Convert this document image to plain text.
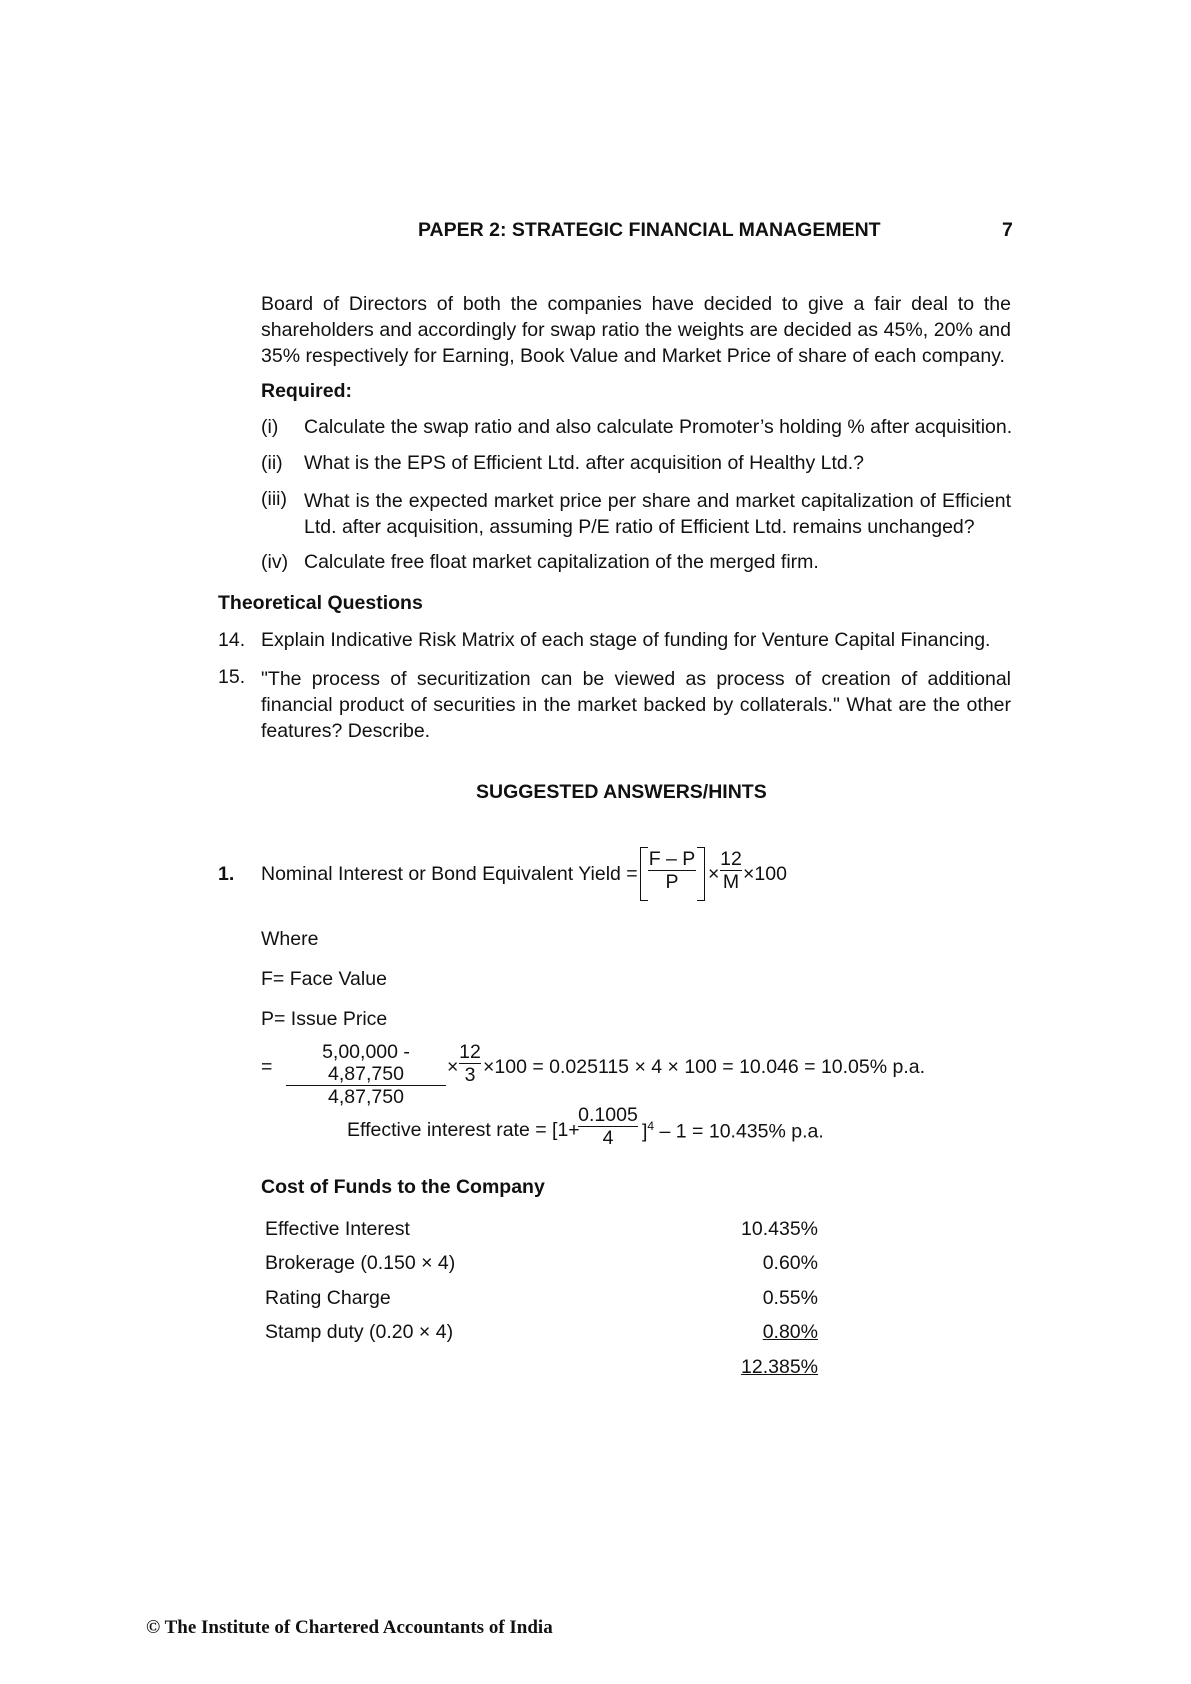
PAPER 2: STRATEGIC FINANCIAL MANAGEMENT	7
Board of Directors of both the companies have decided to give a fair deal to the shareholders and accordingly for swap ratio the weights are decided as 45%, 20% and 35% respectively for Earning, Book Value and Market Price of share of each company.
Required:
(i) Calculate the swap ratio and also calculate Promoter’s holding % after acquisition.
(ii) What is the EPS of Efficient Ltd. after acquisition of Healthy Ltd.?
(iii) What is the expected market price per share and market capitalization of Efficient Ltd. after acquisition, assuming P/E ratio of Efficient Ltd. remains unchanged?
(iv) Calculate free float market capitalization of the merged firm.
Theoretical Questions
14. Explain Indicative Risk Matrix of each stage of funding for Venture Capital Financing.
15. "The process of securitization can be viewed as process of creation of additional financial product of securities in the market backed by collaterals." What are the other features? Describe.
SUGGESTED ANSWERS/HINTS
1. Nominal Interest or Bond Equivalent Yield = $\frac{F - P}{P} \times \frac{12}{M} \times 100$
Where
F= Face Value
P= Issue Price
= $\frac{5,00,000 - 4,87,750}{4,87,750} \times \frac{12}{3} \times 100 = 0.025115 \times 4 \times 100 = 10.046 = 10.05\%$ p.a.
Effective interest rate = [1+
$\frac{0.1005}{4} ]^4 - 1 = 10.435\%$ p.a.
Cost of Funds to the Company
Effective Interest	10.435%
Brokerage (0.150 × 4)	0.60%
Rating Charge	0.55%
Stamp duty (0.20 × 4)	0.80%
12.385%
© The Institute of Chartered Accountants of India
